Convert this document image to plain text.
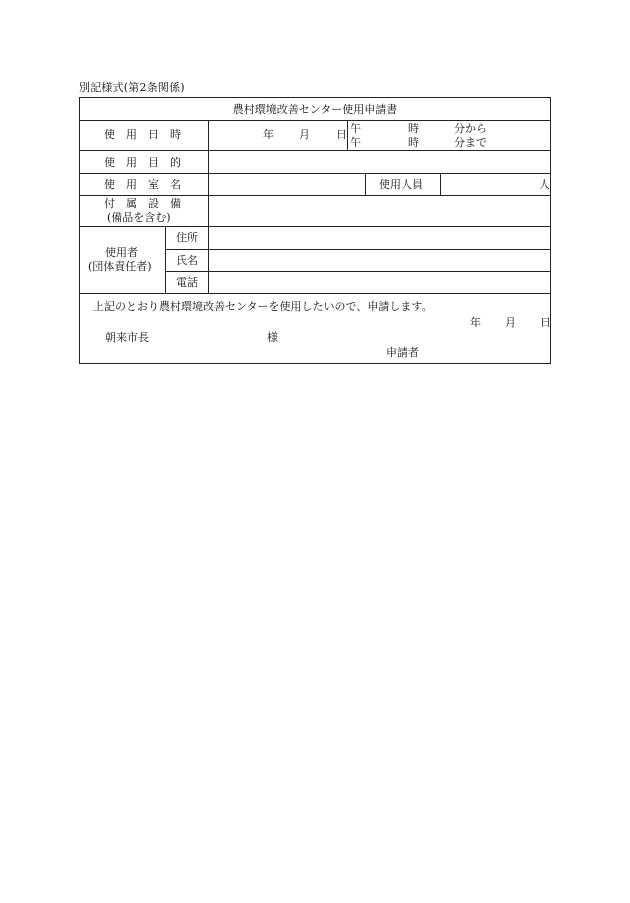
別記様式(第2条関係)
農村環境改善センター使用申請書
使用日時	年 月 日 午	時	分から
午	時	分まで
使用目的
使用室名	使用人員	人
付属設備
(備品を含む)
使用者
(団体責任者)
住所
氏名
電話
上記のとおり農村環境改善センターを使用したいので、申請します。
年 月 日
朝来市長	様
申請者
